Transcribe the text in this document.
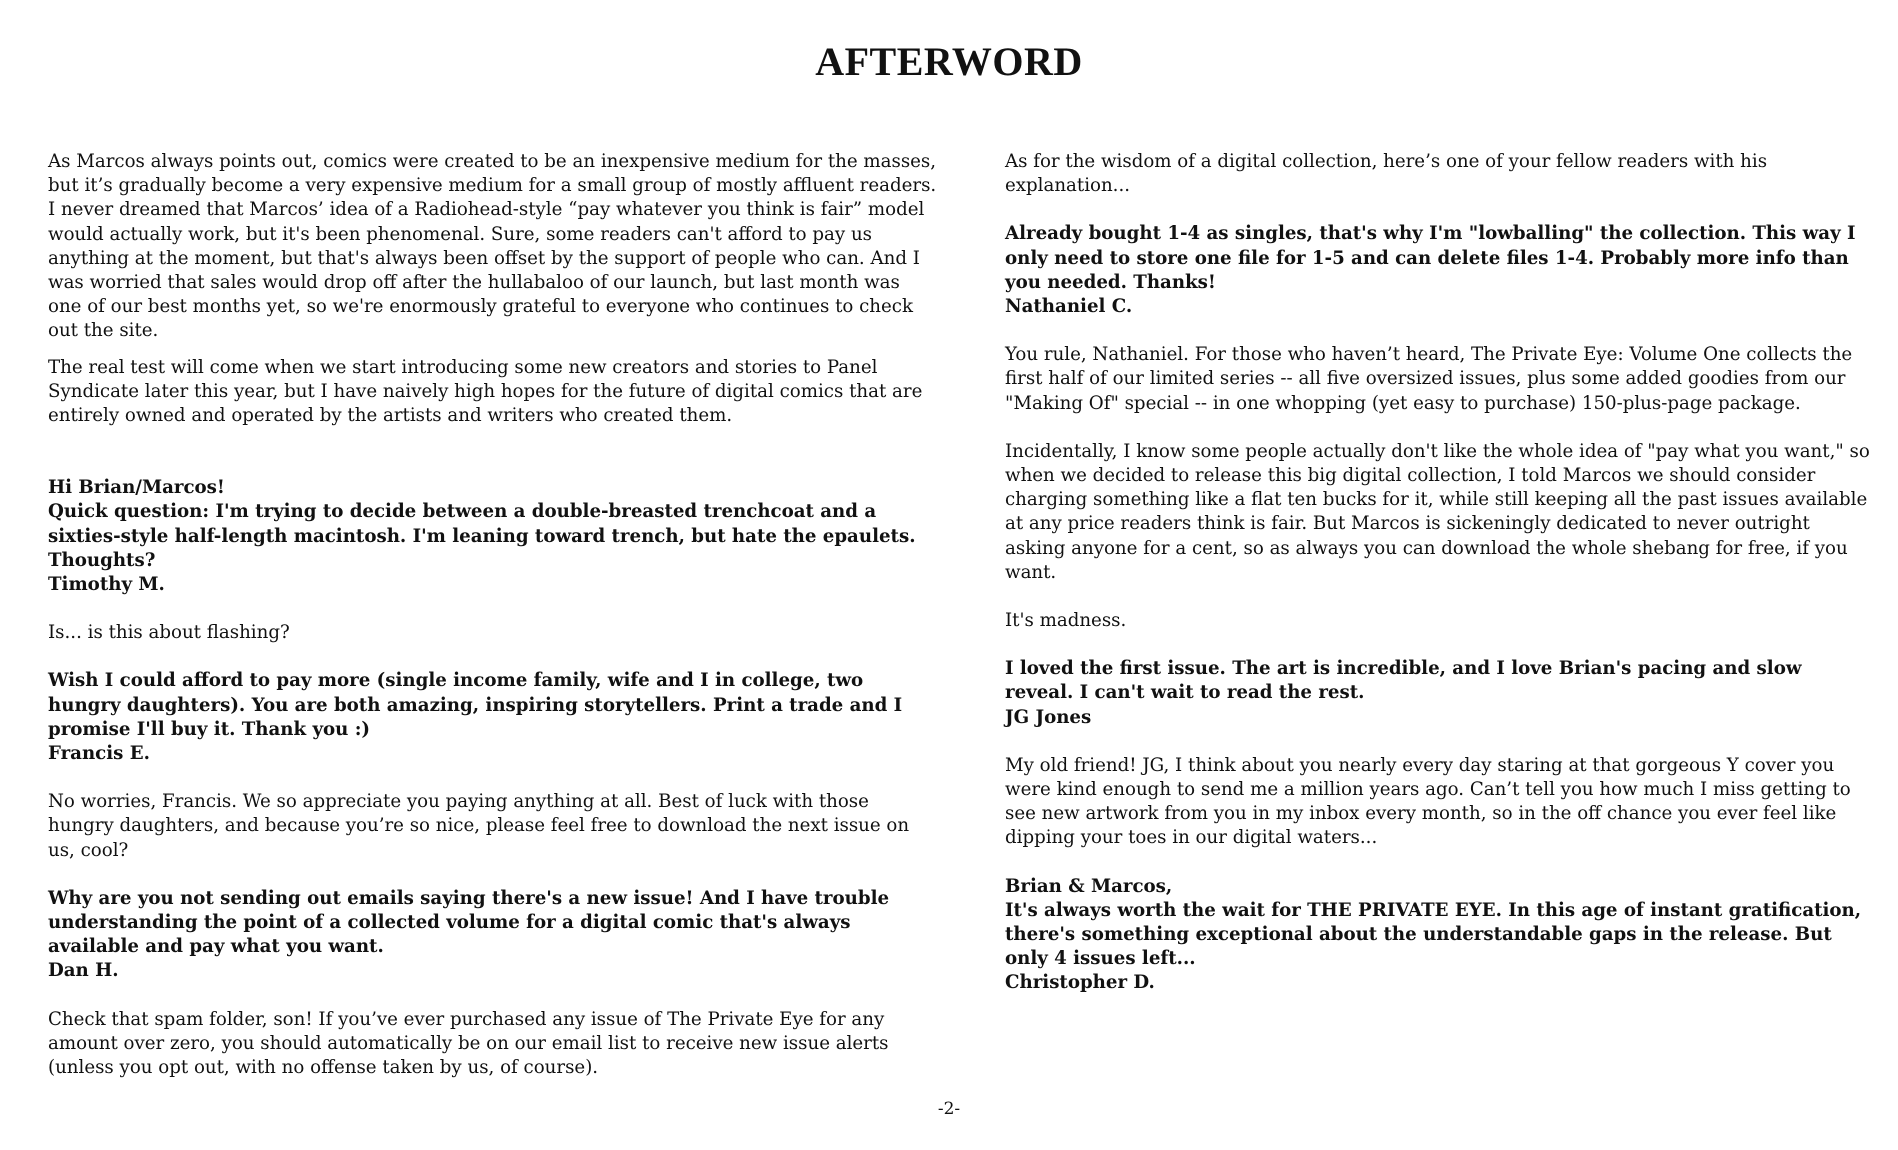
AFTERWORD

As Marcos always points out, comics were created to be an inexpensive medium for the masses, but it’s gradually become a very expensive medium for a small group of mostly affluent readers. I never dreamed that Marcos’ idea of a Radiohead-style “pay whatever you think is fair” model would actually work, but it's been phenomenal. Sure, some readers can't afford to pay us anything at the moment, but that's always been offset by the support of people who can. And I was worried that sales would drop off after the hullabaloo of our launch, but last month was one of our best months yet, so we're enormously grateful to everyone who continues to check out the site.

The real test will come when we start introducing some new creators and stories to Panel Syndicate later this year, but I have naively high hopes for the future of digital comics that are entirely owned and operated by the artists and writers who created them.

Hi Brian/Marcos!
Quick question: I'm trying to decide between a double-breasted trenchcoat and a sixties-style half-length macintosh. I'm leaning toward trench, but hate the epaulets. Thoughts?
Timothy M.

Is... is this about flashing?

Wish I could afford to pay more (single income family, wife and I in college, two hungry daughters). You are both amazing, inspiring storytellers. Print a trade and I promise I'll buy it. Thank you :)
Francis E.

No worries, Francis. We so appreciate you paying anything at all. Best of luck with those hungry daughters, and because you’re so nice, please feel free to download the next issue on us, cool?

Why are you not sending out emails saying there's a new issue! And I have trouble understanding the point of a collected volume for a digital comic that's always available and pay what you want.
Dan H.

Check that spam folder, son! If you’ve ever purchased any issue of The Private Eye for any amount over zero, you should automatically be on our email list to receive new issue alerts (unless you opt out, with no offense taken by us, of course).

As for the wisdom of a digital collection, here’s one of your fellow readers with his explanation...

Already bought 1-4 as singles, that's why I'm "lowballing" the collection. This way I only need to store one file for 1-5 and can delete files 1-4. Probably more info than you needed. Thanks!
Nathaniel C.

You rule, Nathaniel. For those who haven’t heard, The Private Eye: Volume One collects the first half of our limited series -- all five oversized issues, plus some added goodies from our "Making Of" special -- in one whopping (yet easy to purchase) 150-plus-page package.

Incidentally, I know some people actually don't like the whole idea of "pay what you want," so when we decided to release this big digital collection, I told Marcos we should consider charging something like a flat ten bucks for it, while still keeping all the past issues available at any price readers think is fair. But Marcos is sickeningly dedicated to never outright asking anyone for a cent, so as always you can download the whole shebang for free, if you want.

It's madness.

I loved the first issue. The art is incredible, and I love Brian's pacing and slow reveal. I can't wait to read the rest.
JG Jones

My old friend! JG, I think about you nearly every day staring at that gorgeous Y cover you were kind enough to send me a million years ago. Can’t tell you how much I miss getting to see new artwork from you in my inbox every month, so in the off chance you ever feel like dipping your toes in our digital waters...

Brian & Marcos,
It's always worth the wait for THE PRIVATE EYE. In this age of instant gratification, there's something exceptional about the understandable gaps in the release. But only 4 issues left...
Christopher D.
-2-
